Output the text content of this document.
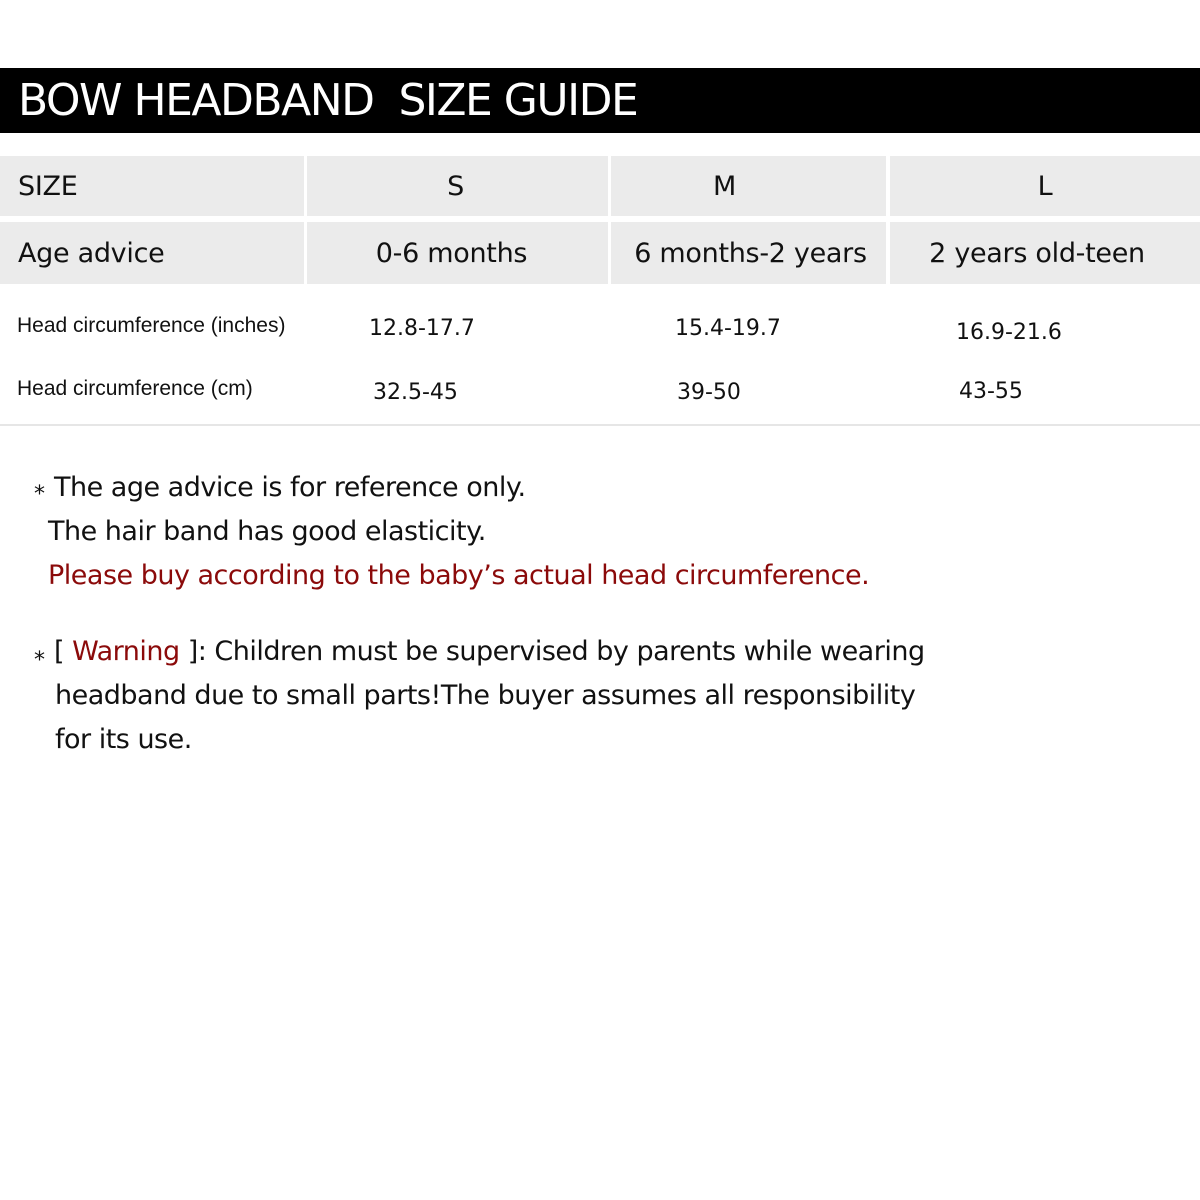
BOW HEADBAND  SIZE GUIDE
SIZE	S	M	L
Age advice	0-6 months	6 months-2 years	2 years old-teen
Head circumference (inches)	12.8-17.7	15.4-19.7	16.9-21.6
Head circumference (cm)	32.5-45	39-50	43-55
* The age advice is for reference only.
The hair band has good elasticity.
Please buy according to the baby’s actual head circumference.
* [ Warning ]: Children must be supervised by parents while wearing
headband due to small parts!The buyer assumes all responsibility
for its use.
